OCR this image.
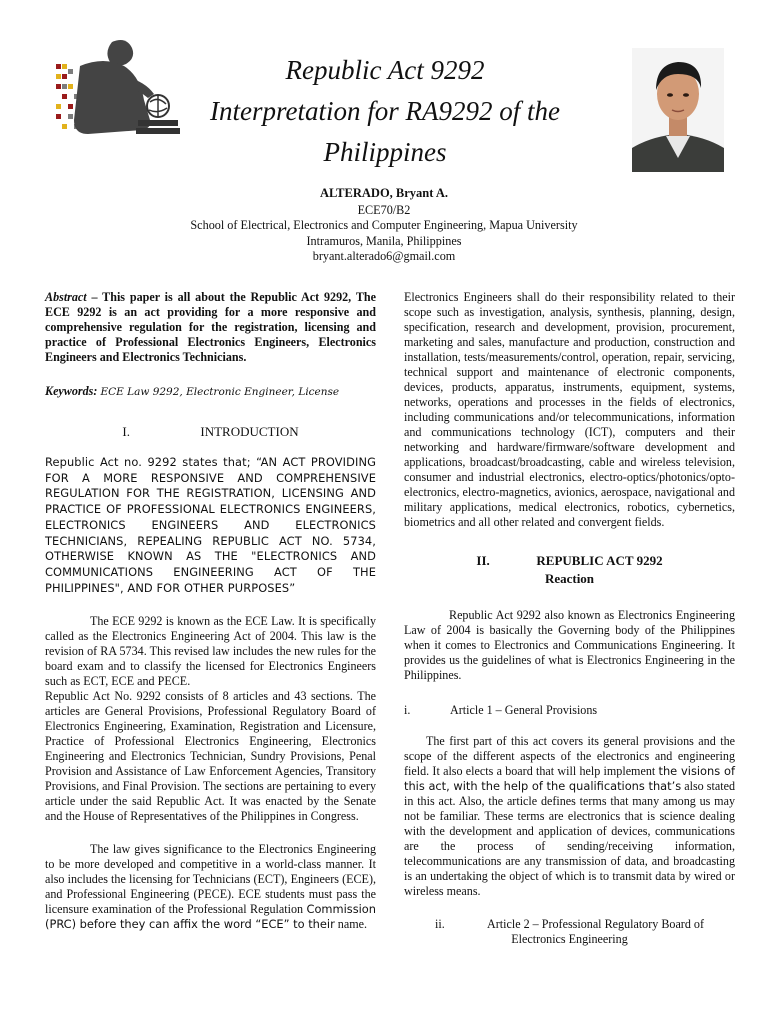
Republic Act 9292
Interpretation for RA9292 of the
Philippines
ALTERADO, Bryant A.
ECE70/B2
School of Electrical, Electronics and Computer Engineering, Mapua University
Intramuros, Manila, Philippines
bryant.alterado6@gmail.com

Abstract – This paper is all about the Republic Act 9292, The ECE 9292 is an act providing for a more responsive and comprehensive regulation for the registration, licensing and practice of Professional Electronics Engineers, Electronics Engineers and Electronics Technicians.

Keywords: ECE Law 9292, Electronic Engineer, License

I.	INTRODUCTION

Republic Act no. 9292 states that; “AN ACT PROVIDING FOR A MORE RESPONSIVE AND COMPREHENSIVE REGULATION FOR THE REGISTRATION, LICENSING AND PRACTICE OF PROFESSIONAL ELECTRONICS ENGINEERS, ELECTRONICS ENGINEERS AND ELECTRONICS TECHNICIANS, REPEALING REPUBLIC ACT NO. 5734, OTHERWISE KNOWN AS THE "ELECTRONICS AND COMMUNICATIONS ENGINEERING ACT OF THE PHILIPPINES", AND FOR OTHER PURPOSES”

The ECE 9292 is known as the ECE Law. It is specifically called as the Electronics Engineering Act of 2004. This law is the revision of RA 5734. This revised law includes the new rules for the board exam and to classify the licensed for Electronics Engineers such as ECT, ECE and PECE.

Republic Act No. 9292 consists of 8 articles and 43 sections. The articles are General Provisions, Professional Regulatory Board of Electronics Engineering, Examination, Registration and Licensure, Practice of Professional Electronics Engineering, Electronics Engineering and Electronics Technician, Sundry Provisions, Penal Provision and Assistance of Law Enforcement Agencies, Transitory Provisions, and Final Provision. The sections are pertaining to every article under the said Republic Act. It was enacted by the Senate and the House of Representatives of the Philippines in Congress.

The law gives significance to the Electronics Engineering to be more developed and competitive in a world-class manner. It also includes the licensing for Technicians (ECT), Engineers (ECE), and Professional Engineering (PECE). ECE students must pass the licensure examination of the Professional Regulation Commission (PRC) before they can affix the word “ECE” to their name.

Electronics Engineers shall do their responsibility related to their scope such as investigation, analysis, synthesis, planning, design, specification, research and development, provision, procurement, marketing and sales, manufacture and production, construction and installation, tests/measurements/control, operation, repair, servicing, technical support and maintenance of electronic components, devices, products, apparatus, instruments, equipment, systems, networks, operations and processes in the fields of electronics, including communications and/or telecommunications, information and communications technology (ICT), computers and their networking and hardware/firmware/software development and applications, broadcast/broadcasting, cable and wireless television, consumer and industrial electronics, electro-optics/photonics/opto-electronics, electro-magnetics, avionics, aerospace, navigational and military applications, medical electronics, robotics, cybernetics, biometrics and all other related and convergent fields.

II.	REPUBLIC ACT 9292
Reaction

Republic Act 9292 also known as Electronics Engineering Law of 2004 is basically the Governing body of the Philippines when it comes to Electronics and Communications Engineering. It provides us the guidelines of what is Electronics Engineering in the Philippines.

i.	Article 1 – General Provisions

The first part of this act covers its general provisions and the scope of the different aspects of the electronics and engineering field. It also elects a board that will help implement the visions of this act, with the help of the qualifications that’s also stated in this act. Also, the article defines terms that many among us may not be familiar. These terms are electronics that is science dealing with the development and application of devices, communications are the process of sending/receiving information, telecommunications are any transmission of data, and broadcasting is an undertaking the object of which is to transmit data by wired or wireless means.

ii.	Article 2 – Professional Regulatory Board of
Electronics Engineering
